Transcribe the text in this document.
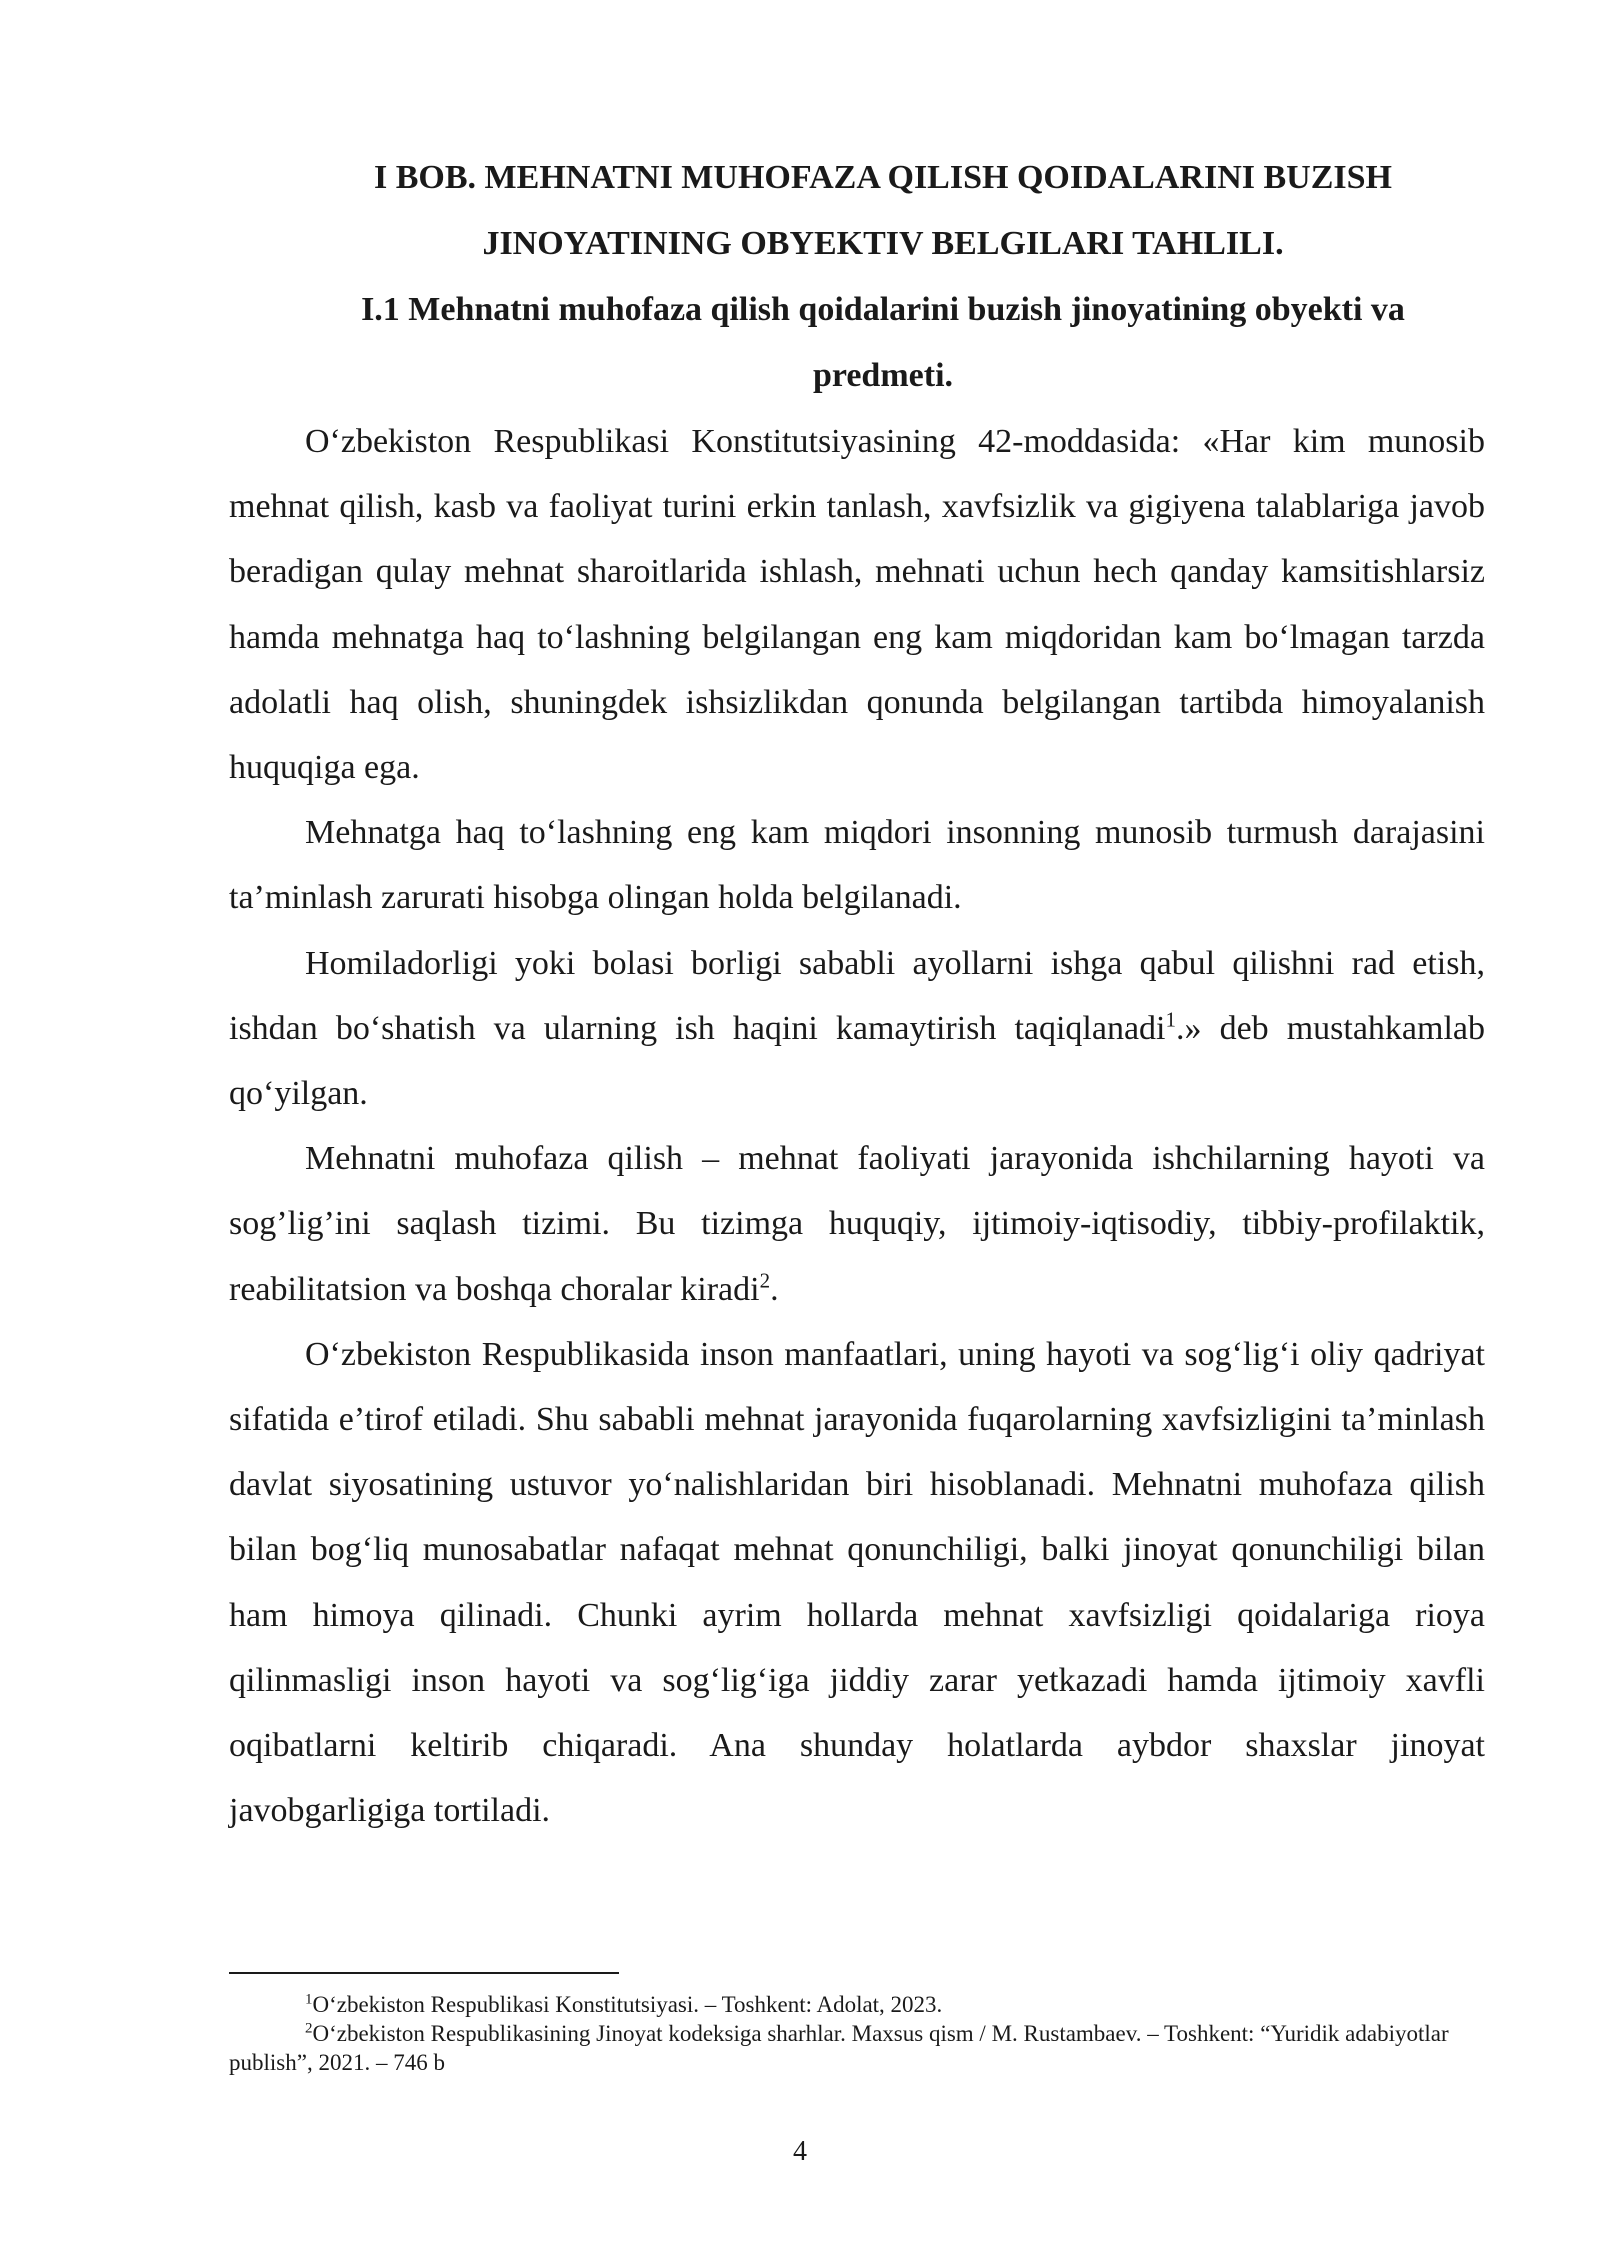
I BOB. MEHNATNI MUHOFAZA QILISH QOIDALARINI BUZISH
JINOYATINING OBYEKTIV BELGILARI TAHLILI.
I.1 Mehnatni muhofaza qilish qoidalarini buzish jinoyatining obyekti va
predmeti.

O‘zbekiston Respublikasi Konstitutsiyasining 42-moddasida: «Har kim munosib mehnat qilish, kasb va faoliyat turini erkin tanlash, xavfsizlik va gigiyena talablariga javob beradigan qulay mehnat sharoitlarida ishlash, mehnati uchun hech qanday kamsitishlarsiz hamda mehnatga haq to‘lashning belgilangan eng kam miqdoridan kam bo‘lmagan tarzda adolatli haq olish, shuningdek ishsizlikdan qonunda belgilangan tartibda himoyalanish huquqiga ega.

Mehnatga haq to‘lashning eng kam miqdori insonning munosib turmush darajasini ta’minlash zarurati hisobga olingan holda belgilanadi.

Homiladorligi yoki bolasi borligi sababli ayollarni ishga qabul qilishni rad etish, ishdan bo‘shatish va ularning ish haqini kamaytirish taqiqlanadi$^1$.» deb mustahkamlab qo‘yilgan.

Mehnatni muhofaza qilish – mehnat faoliyati jarayonida ishchilarning hayoti va sog’lig’ini saqlash tizimi. Bu tizimga huquqiy, ijtimoiy-iqtisodiy, tibbiy-profilaktik, reabilitatsion va boshqa choralar kiradi$^2$.

O‘zbekiston Respublikasida inson manfaatlari, uning hayoti va sog‘lig‘i oliy qadriyat sifatida e’tirof etiladi. Shu sababli mehnat jarayonida fuqarolarning xavfsizligini ta’minlash davlat siyosatining ustuvor yo‘nalishlaridan biri hisoblanadi. Mehnatni muhofaza qilish bilan bog‘liq munosabatlar nafaqat mehnat qonunchiligi, balki jinoyat qonunchiligi bilan ham himoya qilinadi. Chunki ayrim hollarda mehnat xavfsizligi qoidalariga rioya qilinmasligi inson hayoti va sog‘lig‘iga jiddiy zarar yetkazadi hamda ijtimoiy xavfli oqibatlarni keltirib chiqaradi. Ana shunday holatlarda aybdor shaxslar jinoyat javobgarligiga tortiladi.

$^1$O‘zbekiston Respublikasi Konstitutsiyasi. – Toshkent: Adolat, 2023.

$^2$O‘zbekiston Respublikasining Jinoyat kodeksiga sharhlar. Maxsus qism / M. Rustambaev. – Toshkent: “Yuridik adabiyotlar publish”, 2021. – 746 b

4
